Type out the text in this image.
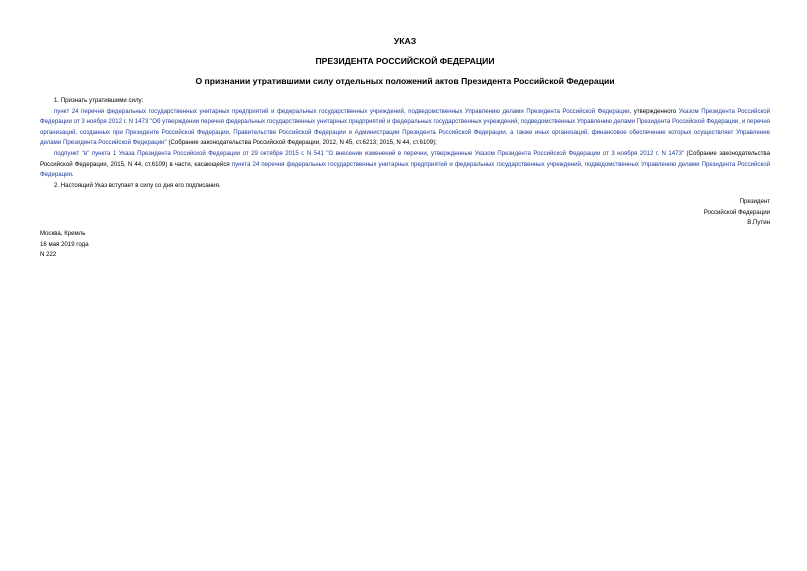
УКАЗ
ПРЕЗИДЕНТА РОССИЙСКОЙ ФЕДЕРАЦИИ
О признании утратившими силу отдельных положений актов Президента Российской Федерации

1. Признать утратившими силу:

пункт 24 перечня федеральных государственных унитарных предприятий и федеральных государственных учреждений, подведомственных Управлению делами Президента Российской Федерации, утвержденного Указом Президента Российской Федерации от 3 ноября 2012 г. N 1473 "Об утверждении перечня федеральных государственных унитарных предприятий и федеральных государственных учреждений, подведомственных Управлению делами Президента Российской Федерации, и перечня организаций, созданных при Президенте Российской Федерации, Правительстве Российской Федерации и Администрации Президента Российской Федерации, а также иных организаций, финансовое обеспечение которых осуществляет Управление делами Президента Российской Федерации" (Собрание законодательства Российской Федерации, 2012, N 45, ст.6213; 2015, N 44, ст.6109);

подпункт "в" пункта 1 Указа Президента Российской Федерации от 29 октября 2015 г. N 541 "О внесении изменений в перечни, утвержденные Указом Президента Российской Федерации от 3 ноября 2012 г. N 1473" (Собрание законодательства Российской Федерации, 2015, N 44, ст.6109) в части, касающейся пункта 24 перечня федеральных государственных унитарных предприятий и федеральных государственных учреждений, подведомственных Управлению делами Президента Российской Федерации.

2. Настоящий Указ вступает в силу со дня его подписания.

Президент
Российской Федерации
В.Путин
Москва, Кремль
16 мая 2019 года
N 222
